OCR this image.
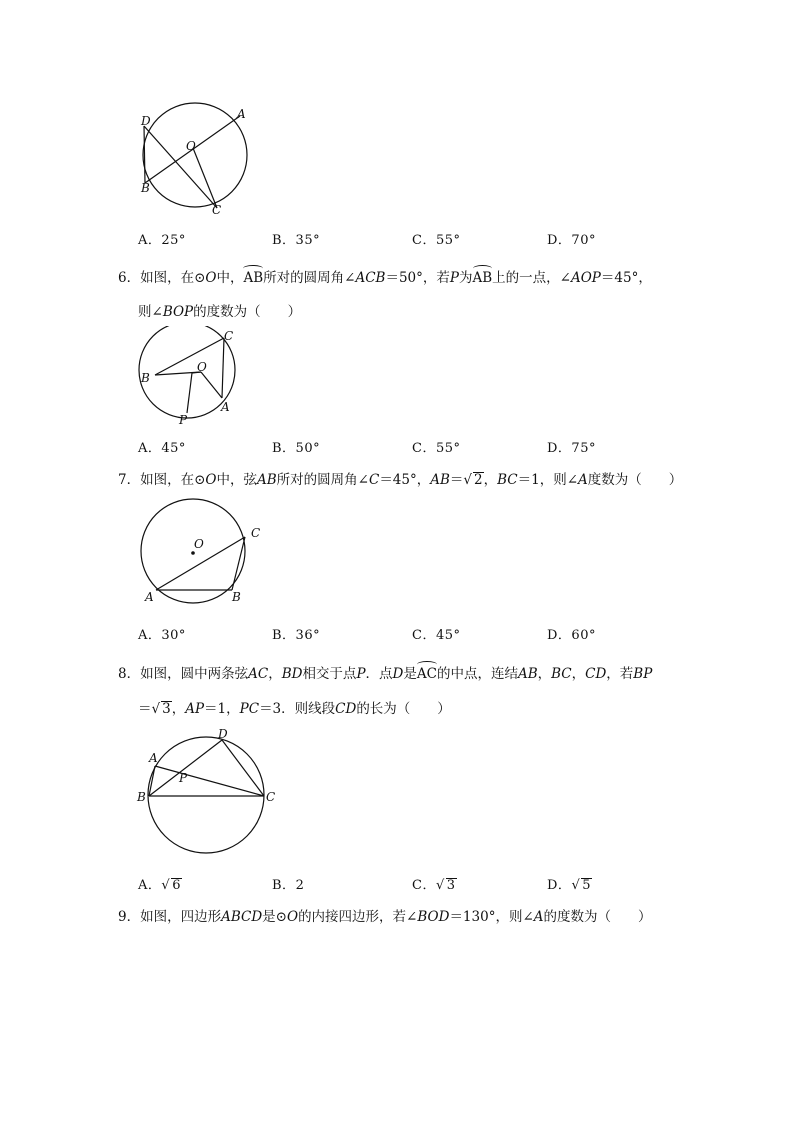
D	A
O
B
C
A．25°	B．35°	C．55°	D．70°
6．如图，在⊙O中，AB所对的圆周角∠ACB＝50°，若P为AB上的一点，∠AOP＝45°，
则∠BOP的度数为（　　）
C
B
O
A
P
A．45°	B．50°	C．55°	D．75°
7．如图，在⊙O中，弦AB所对的圆周角∠C＝45°，AB＝√ 2，BC＝1，则∠A度数为（　　）
O
C
A	B
A．30°	B．36°	C．45°	D．60°
8．如图，圆中两条弦AC，BD相交于点P．点D是AC的中点，连结AB，BC，CD，若BP
＝√ 3，AP＝1，PC＝3．则线段CD的长为（　　）
D
A
P
B	C
A．√ 6	B．2	C．√ 3	D．√ 5
9．如图，四边形ABCD是⊙O的内接四边形，若∠BOD＝130°，则∠A的度数为（　　）
